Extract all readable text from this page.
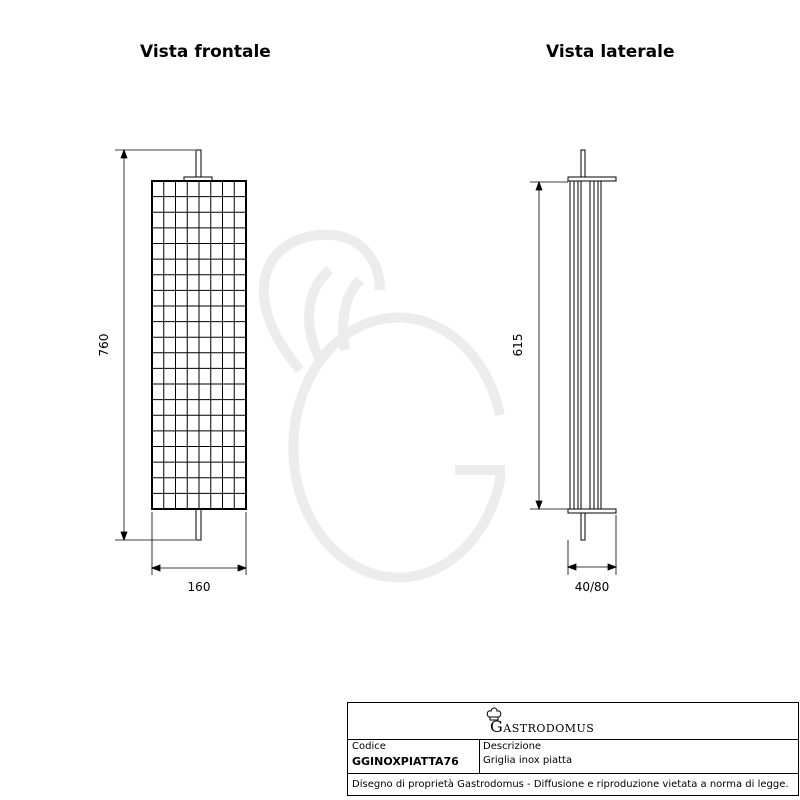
Vista frontale	Vista laterale
760
160
615
40/80
Gastrodomus
Codice
GGINOXPIATTA76
Descrizione
Griglia inox piatta
Disegno di proprietà Gastrodomus - Diffusione e riproduzione vietata a norma di legge.
